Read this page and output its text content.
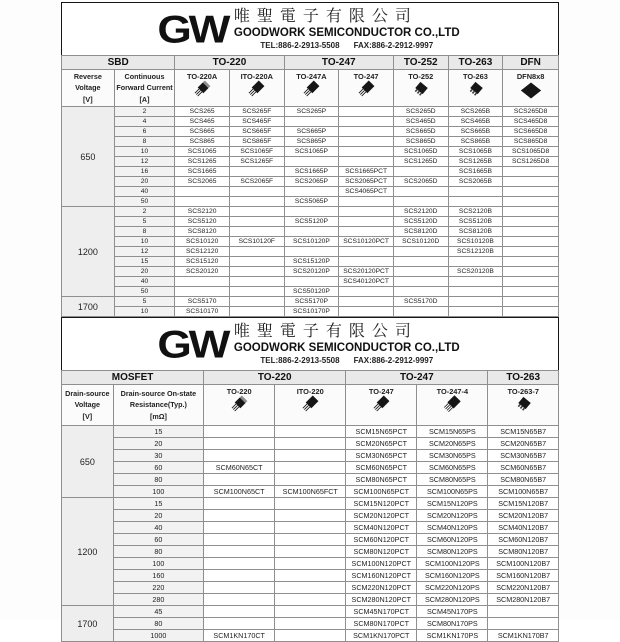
GW 唯聖電子有限公司
GOODWORK SEMICONDUCTOR CO.,LTD
TEL:886-2-2913-5508 FAX:886-2-2912-9997
SBD		TO-220		TO-247		TO-252	TO-263	DFN

Reverse
Voltage
[V]

Continuous
Forward Current
[A]

TO-220A	ITO-220A	TO-247A	TO-247	TO-252	TO-263	DFN8x8

650	2	SCS265	SCS265F	SCS265P		SCS265D	SCS265B	SCS265D8
	4	SCS465	SCS465F			SCS465D	SCS465B	SCS465D8
	6	SCS665	SCS665F	SCS665P		SCS665D	SCS665B	SCS665D8
	8	SCS865	SCS865F	SCS865P		SCS865D	SCS865B	SCS865D8
	10	SCS1065	SCS1065F	SCS1065P		SCS1065D	SCS1065B	SCS1065D8
	12	SCS1265	SCS1265F			SCS1265D	SCS1265B	SCS1265D8
	16	SCS1665		SCS1665P	SCS1665PCT		SCS1665B	
	20	SCS2065	SCS2065F	SCS2065P	SCS2065PCT	SCS2065D	SCS2065B	
	40				SCS4065PCT			
	50			SCS5065P				
1200	2	SCS2120				SCS2120D	SCS2120B	
	5	SCS5120		SCS5120P		SCS5120D	SCS5120B	
	8	SCS8120				SCS8120D	SCS8120B	
	10	SCS10120	SCS10120F	SCS10120P	SCS10120PCT	SCS10120D	SCS10120B	
	12	SCS12120					SCS12120B	
	15	SCS15120		SCS15120P				
	20	SCS20120		SCS20120P	SCS20120PCT		SCS20120B	
	40				SCS40120PCT			
	50			SCS50120P				
1700	5	SCS5170		SCS5170P		SCS5170D		
	10	SCS10170		SCS10170P				
GW 唯聖電子有限公司
GOODWORK SEMICONDUCTOR CO.,LTD
TEL:886-2-2913-5508 FAX:886-2-2912-9997
MOSFET		TO-220		TO-247		TO-263

Drain-source
Voltage
[V]

Drain-source On-state
Resistance(Typ.)
[mΩ]

TO-220	ITO-220	TO-247	TO-247-4	TO-263-7

650	15			SCM15N65PCT	SCM15N65PS	SCM15N65B7
	20			SCM20N65PCT	SCM20N65PS	SCM20N65B7
	30			SCM30N65PCT	SCM30N65PS	SCM30N65B7
	60	SCM60N65CT		SCM60N65PCT	SCM60N65PS	SCM60N65B7
	80			SCM80N65PCT	SCM80N65PS	SCM80N65B7
	100	SCM100N65CT	SCM100N65FCT	SCM100N65PCT	SCM100N65PS	SCM100N65B7
1200	15			SCM15N120PCT	SCM15N120PS	SCM15N120B7
	20			SCM20N120PCT	SCM20N120PS	SCM20N120B7
	40			SCM40N120PCT	SCM40N120PS	SCM40N120B7
	60			SCM60N120PCT	SCM60N120PS	SCM60N120B7
	80			SCM80N120PCT	SCM80N120PS	SCM80N120B7
	100			SCM100N120PCT	SCM100N120PS	SCM100N120B7
	160			SCM160N120PCT	SCM160N120PS	SCM160N120B7
	220			SCM220N120PCT	SCM220N120PS	SCM220N120B7
	280			SCM280N120PCT	SCM280N120PS	SCM280N120B7
1700	45			SCM45N170PCT	SCM45N170PS	
	80			SCM80N170PCT	SCM80N170PS	
	1000	SCM1KN170CT		SCM1KN170PCT	SCM1KN170PS	SCM1KN170B7
